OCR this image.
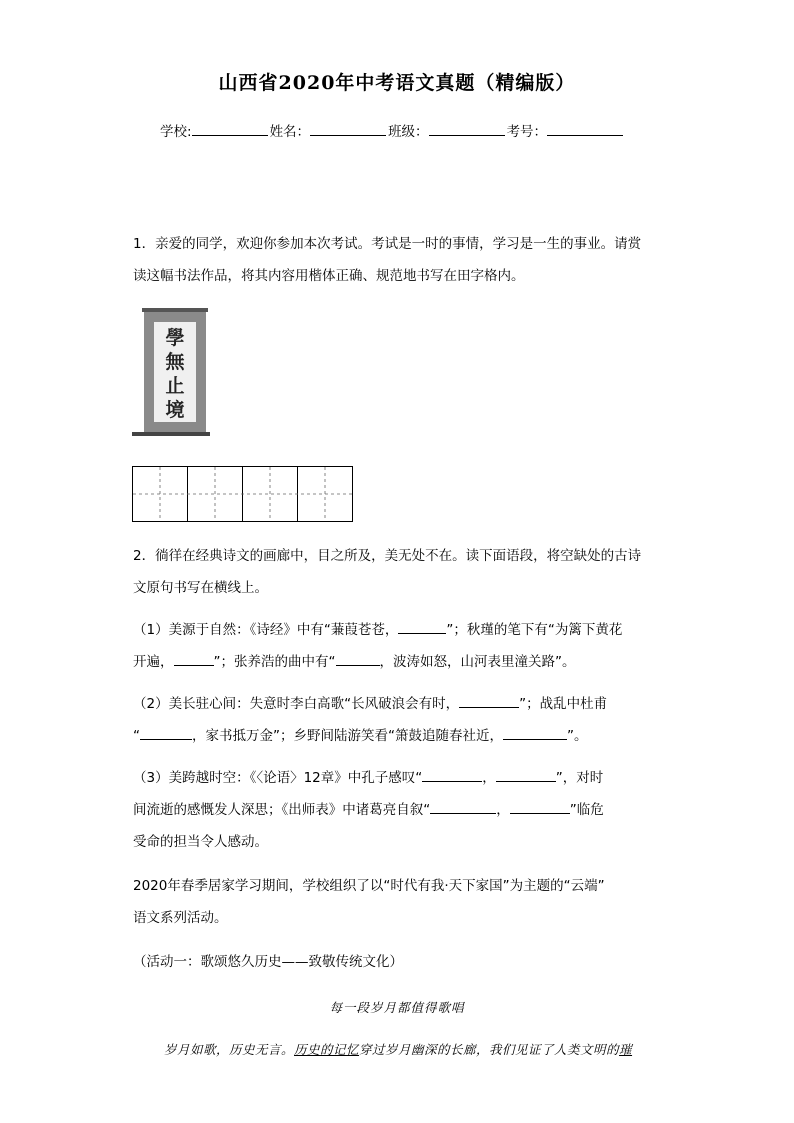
山西省2020年中考语文真题（精编版）
学校:	姓名：	班级：	考号：
1．亲爱的同学，欢迎你参加本次考试。考试是一时的事情，学习是一生的事业。请赏
读这幅书法作品，将其内容用楷体正确、规范地书写在田字格内。
學
無
止
境
2．徜徉在经典诗文的画廊中，目之所及，美无处不在。读下面语段，将空缺处的古诗
文原句书写在横线上。
（1）美源于自然：《诗经》中有“蒹葭苍苍，	”；秋瑾的笔下有“为篱下黄花
开遍，	”；张养浩的曲中有“	，波涛如怒，山河表里潼关路”。
（2）美长驻心间：失意时李白高歌“长风破浪会有时，	”；战乱中杜甫
“	，家书抵万金”；乡野间陆游笑看“箫鼓追随春社近，	”。
（3）美跨越时空：《〈论语〉12章》中孔子感叹“	，	”，对时
间流逝的感慨发人深思；《出师表》中诸葛亮自叙“	，	”临危
受命的担当令人感动。
2020年春季居家学习期间，学校组织了以“时代有我·天下家国”为主题的“云端”
语文系列活动。
（活动一：歌颂悠久历史——致敬传统文化）
每一段岁月都值得歌唱
岁月如歌，历史无言。历史的记忆穿过岁月幽深的长廊，我们见证了人类文明的璀
